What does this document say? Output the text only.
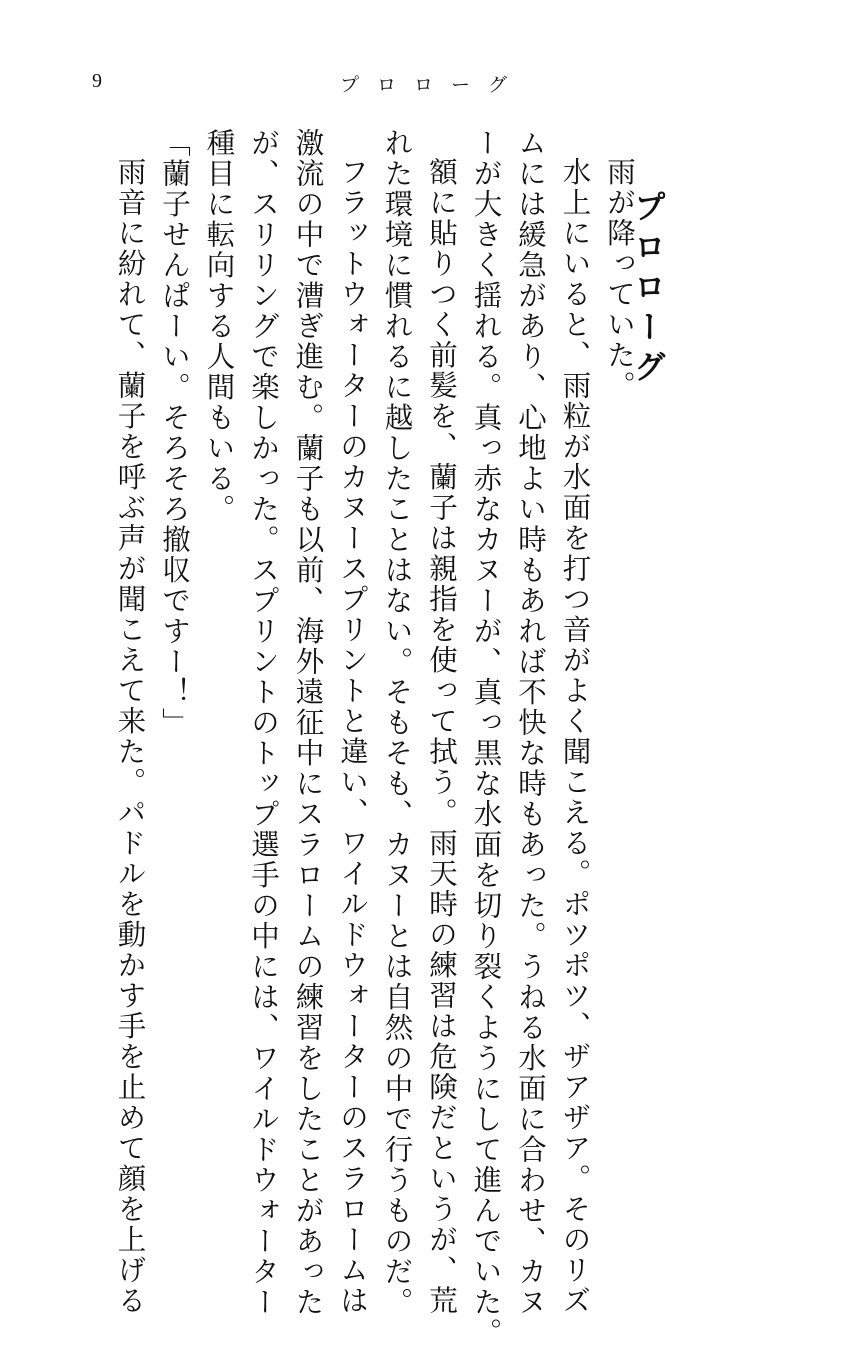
9	プロローグ
プロローグ
雨が降っていた。
水上にいると、雨粒が水面を打つ音がよく聞こえる。ポツポツ、ザアザア。そのリズ
ムには緩急があり、心地よい時もあれば不快な時もあった。うねる水面に合わせ、カヌ
ーが大きく揺れる。真っ赤なカヌーが、真っ黒な水面を切り裂くようにして進んでいた。
額に貼りつく前髪を、蘭子は親指を使って拭う。雨天時の練習は危険だというが、荒
れた環境に慣れるに越したことはない。そもそも、カヌーとは自然の中で行うものだ。
フラットウォーターのカヌースプリントと違い、ワイルドウォーターのスラロームは
激流の中で漕ぎ進む。蘭子も以前、海外遠征中にスラロームの練習をしたことがあった
が、スリリングで楽しかった。スプリントのトップ選手の中には、ワイルドウォーター
種目に転向する人間もいる。
「蘭子せんぱーい。そろそろ撤収ですー！」
雨音に紛れて、蘭子を呼ぶ声が聞こえて来た。パドルを動かす手を止めて顔を上げる
